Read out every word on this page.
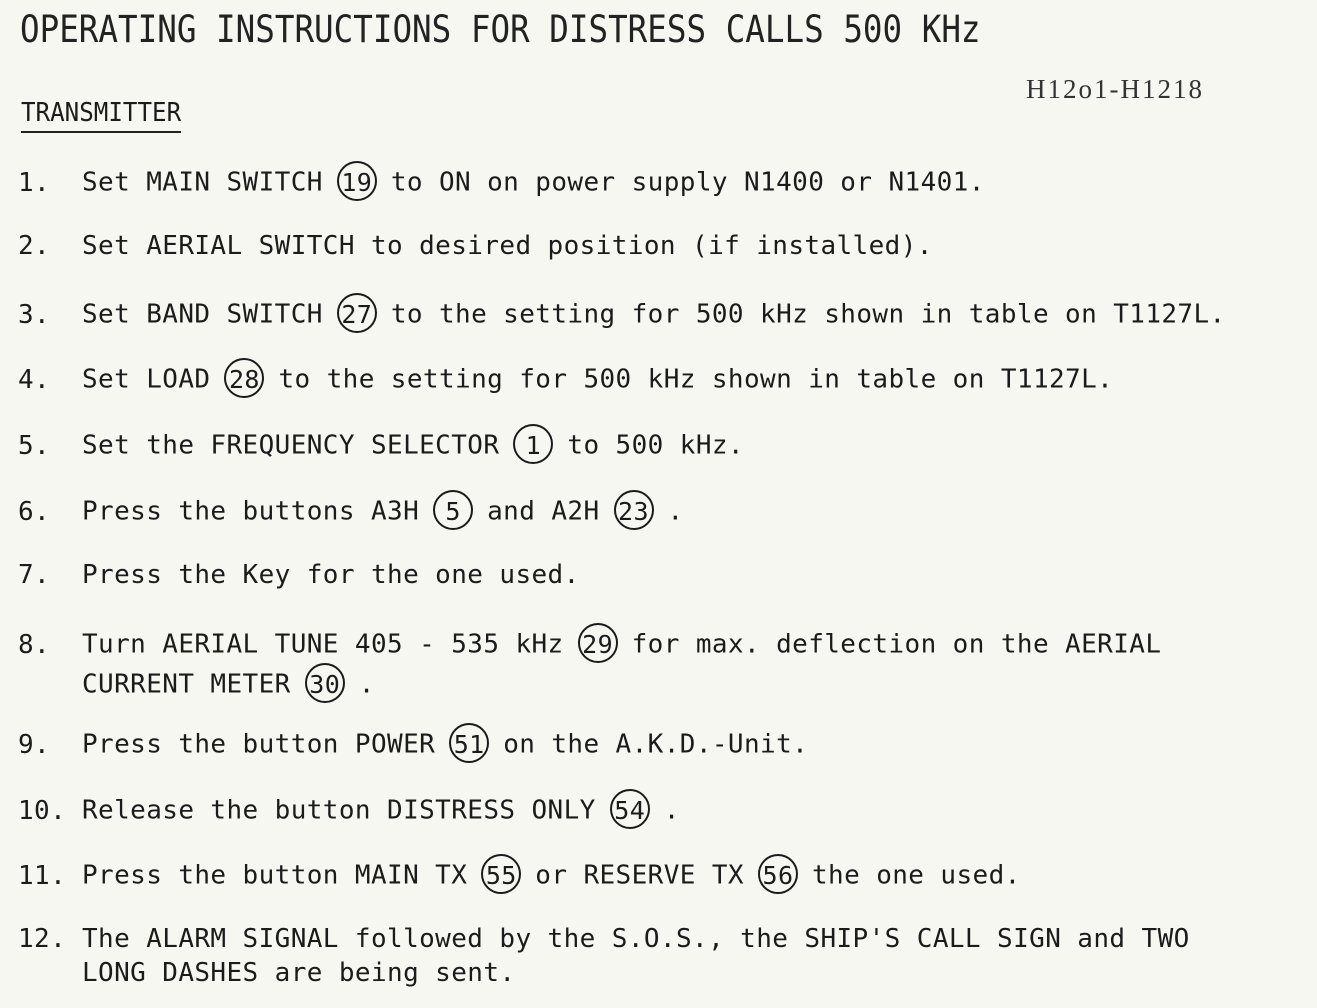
OPERATING INSTRUCTIONS FOR DISTRESS CALLS 500 KHz
H12o1-H1218
TRANSMITTER
1. Set MAIN SWITCH 19 to ON on power supply N1400 or N1401.
2. Set AERIAL SWITCH to desired position (if installed).
3. Set BAND SWITCH 27 to the setting for 500 kHz shown in table on T1127L.
4. Set LOAD 28 to the setting for 500 kHz shown in table on T1127L.
5. Set the FREQUENCY SELECTOR 1 to 500 kHz.
6. Press the buttons A3H 5 and A2H 23 .
7. Press the Key for the one used.
8. Turn AERIAL TUNE 405 - 535 kHz 29 for max. deflection on the AERIAL
CURRENT METER 30 .
9. Press the button POWER 51 on the A.K.D.-Unit.
10. Release the button DISTRESS ONLY 54 .
11. Press the button MAIN TX 55 or RESERVE TX 56 the one used.
12. The ALARM SIGNAL followed by the S.O.S., the SHIP'S CALL SIGN and TWO
LONG DASHES are being sent.
